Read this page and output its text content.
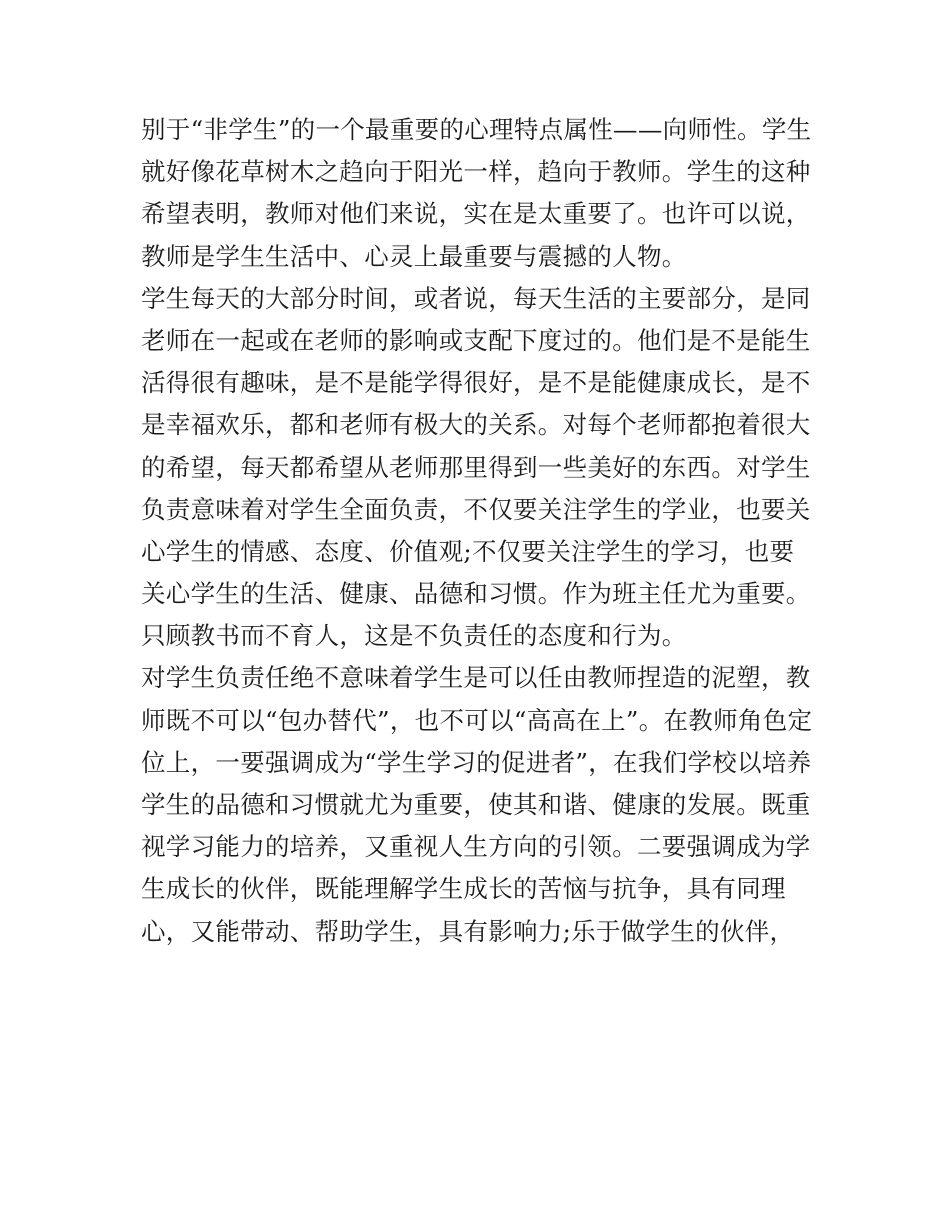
别于“非学生”的一个最重要的心理特点属性——向师性。学生
就好像花草树木之趋向于阳光一样，趋向于教师。学生的这种
希望表明，教师对他们来说，实在是太重要了。也许可以说，
教师是学生生活中、心灵上最重要与震撼的人物。
学生每天的大部分时间，或者说，每天生活的主要部分，是同
老师在一起或在老师的影响或支配下度过的。他们是不是能生
活得很有趣味，是不是能学得很好，是不是能健康成长，是不
是幸福欢乐，都和老师有极大的关系。对每个老师都抱着很大
的希望，每天都希望从老师那里得到一些美好的东西。对学生
负责意味着对学生全面负责，不仅要关注学生的学业，也要关
心学生的情感、态度、价值观;不仅要关注学生的学习，也要
关心学生的生活、健康、品德和习惯。作为班主任尤为重要。
只顾教书而不育人，这是不负责任的态度和行为。
对学生负责任绝不意味着学生是可以任由教师捏造的泥塑，教
师既不可以“包办替代”，也不可以“高高在上”。在教师角色定
位上，一要强调成为“学生学习的促进者”，在我们学校以培养
学生的品德和习惯就尤为重要，使其和谐、健康的发展。既重
视学习能力的培养，又重视人生方向的引领。二要强调成为学
生成长的伙伴，既能理解学生成长的苦恼与抗争，具有同理
心，又能带动、帮助学生，具有影响力;乐于做学生的伙伴，
